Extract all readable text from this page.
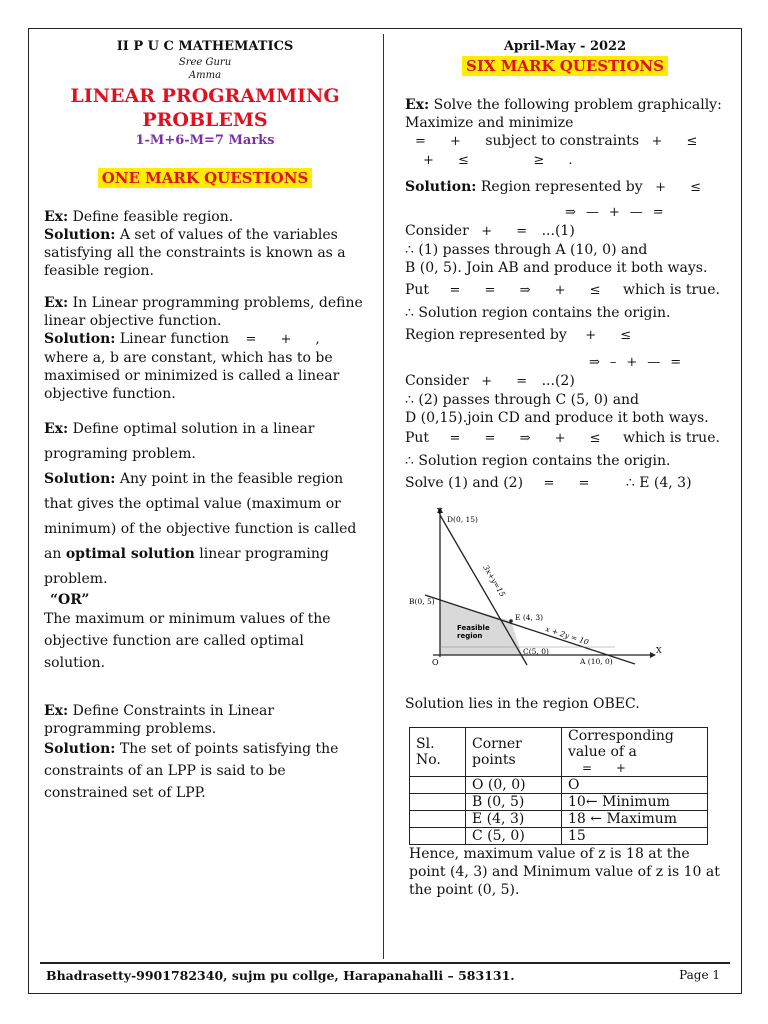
II P U C MATHEMATICS
Sree Guru
Amma
LINEAR PROGRAMMING
PROBLEMS
1-M+6-M=7 Marks
ONE MARK QUESTIONS

Ex: Define feasible region.

Solution: A set of values of the variables satisfying all the constraints is known as a feasible region.

Ex: In Linear programming problems, define linear objective function.

Solution: Linear function = + ,

where a, b are constant, which has to be maximised or minimized is called a linear objective function.

Ex: Define optimal solution in a linear programing problem.

Solution: Any point in the feasible region that gives the optimal value (maximum or minimum) of the objective function is called an optimal solution linear programing problem.

“OR”

The maximum or minimum values of the objective function are called optimal solution.

Ex: Define Constraints in Linear programming problems.

Solution: The set of points satisfying the constraints of an LPP is said to be constrained set of LPP.

April-May - 2022
SIX MARK QUESTIONS

Ex: Solve the following problem graphically: Maximize and minimize

= + subject to constraints + ≤

+ ≤	≥ .

Solution: Region represented by + ≤

⇒—+—=

Consider + = ...(1)

∴ (1) passes through A (10, 0) and

B (0, 5). Join AB and produce it both ways.

Put = = ⇒ + ≤ which is true.

∴ Solution region contains the origin.

Region represented by + ≤

⇒–+—=

Consider + = ...(2)

∴ (2) passes through C (5, 0) and

D (0,15).join CD and produce it both ways.

Put = = ⇒ + ≤ which is true.

∴ Solution region contains the origin.

Solve (1) and (2) = = ∴ E (4, 3)

Y
D(0, 15)
B(0, 5)
E (4, 3)
C(5, 0)
A (10, 0)
O
X
3x+y=15
x + 2y = 10
Feasible
region

Solution lies in the region OBEC.

Sl. No.	Corner points	Corresponding value of a
= +
	O (0, 0)	O
	B (0, 5)	10← Minimum
	E (4, 3)	18 ← Maximum
	C (5, 0)	15

Hence, maximum value of z is 18 at the point (4, 3) and Minimum value of z is 10 at the point (0, 5).

Bhadrasetty-9901782340, sujm pu collge, Harapanahalli – 583131.	Page 1
